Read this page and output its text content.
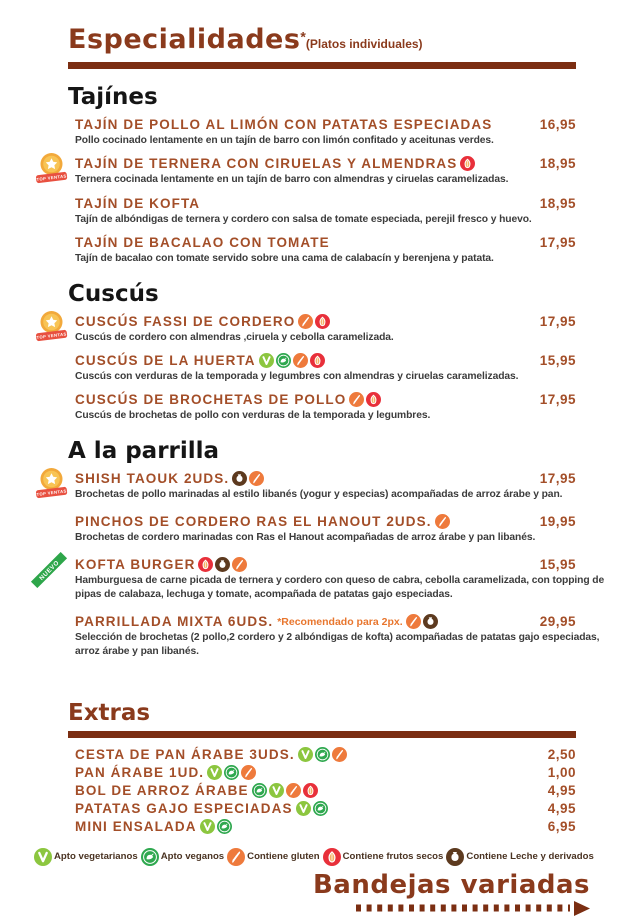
Especialidades*(Platos individuales)
Tajínes
TAJÍN DE POLLO AL LIMÓN CON PATATAS ESPECIADAS	16,95
Pollo cocinado lentamente en un tajín de barro con limón confitado y aceitunas verdes.
TOP VENTAS
TAJÍN DE TERNERA CON CIRUELAS Y ALMENDRAS	18,95
Ternera cocinada lentamente en un tajín de barro con almendras y ciruelas caramelizadas.
TAJÍN DE KOFTA	18,95
Tajín de albóndigas de ternera y cordero con salsa de tomate especiada, perejil fresco y huevo.
TAJÍN DE BACALAO CON TOMATE	17,95
Tajín de bacalao con tomate servido sobre una cama de calabacín y berenjena y patata.
Cuscús
TOP VENTAS
CUSCÚS FASSI DE CORDERO	17,95
Cuscús de cordero con almendras ,ciruela y cebolla caramelizada.
CUSCÚS DE LA HUERTA	15,95
Cuscús con verduras de la temporada y legumbres con almendras y ciruelas caramelizadas.
CUSCÚS DE BROCHETAS DE POLLO	17,95
Cuscús de brochetas de pollo con verduras de la temporada y legumbres.
A la parrilla
TOP VENTAS
SHISH TAOUK 2UDS.	17,95
Brochetas de pollo marinadas al estilo libanés (yogur y especias) acompañadas de arroz árabe y pan.
PINCHOS DE CORDERO RAS EL HANOUT 2UDS.	19,95
Brochetas de cordero marinadas con Ras el Hanout acompañadas de arroz árabe y pan libanés.
NUEVO KOFTA BURGER	15,95
Hamburguesa de carne picada de ternera y cordero con queso de cabra, cebolla caramelizada, con topping de pipas de calabaza, lechuga y tomate, acompañada de patatas gajo especiadas.
PARRILLADA MIXTA 6UDS. *Recomendado para 2px.	29,95
Selección de brochetas (2 pollo,2 cordero y 2 albóndigas de kofta) acompañadas de patatas gajo especiadas, arroz árabe y pan libanés.
Extras
CESTA DE PAN ÁRABE 3UDS.	2,50
PAN ÁRABE 1UD.	1,00
BOL DE ARROZ ÁRABE	4,95
PATATAS GAJO ESPECIADAS	4,95
MINI ENSALADA	6,95
Apto vegetarianos Apto veganos Contiene gluten Contiene frutos secos Contiene Leche y derivados
Bandejas variadas
